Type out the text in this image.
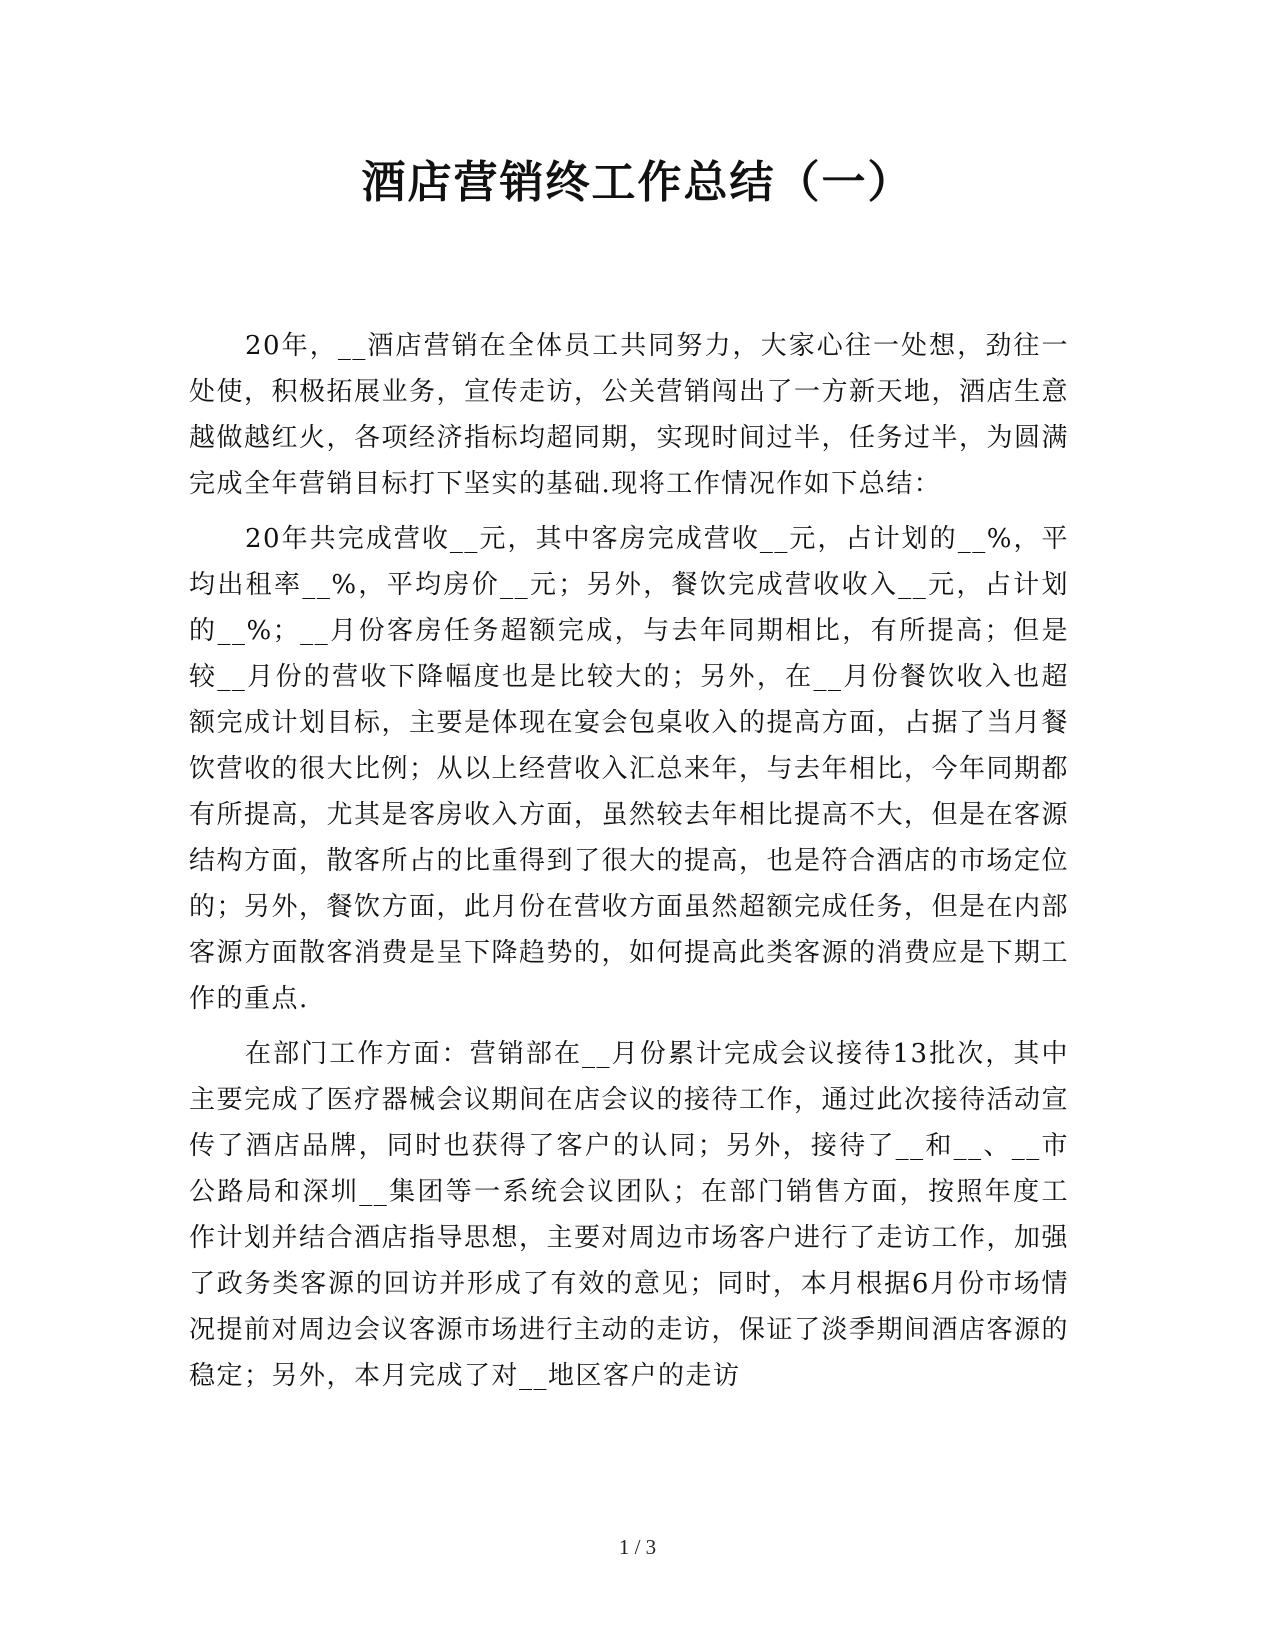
酒店营销终工作总结（一）

20年，__酒店营销在全体员工共同努力，大家心往一处想，劲往一处使，积极拓展业务，宣传走访，公关营销闯出了一方新天地，酒店生意越做越红火，各项经济指标均超同期，实现时间过半，任务过半，为圆满完成全年营销目标打下坚实的基础.现将工作情况作如下总结：

20年共完成营收__元，其中客房完成营收__元，占计划的__%，平均出租率__%，平均房价__元；另外，餐饮完成营收收入__元，占计划的__%；__月份客房任务超额完成，与去年同期相比，有所提高；但是较__月份的营收下降幅度也是比较大的；另外，在__月份餐饮收入也超额完成计划目标，主要是体现在宴会包桌收入的提高方面，占据了当月餐饮营收的很大比例；从以上经营收入汇总来年，与去年相比，今年同期都有所提高，尤其是客房收入方面，虽然较去年相比提高不大，但是在客源结构方面，散客所占的比重得到了很大的提高，也是符合酒店的市场定位的；另外，餐饮方面，此月份在营收方面虽然超额完成任务，但是在内部客源方面散客消费是呈下降趋势的，如何提高此类客源的消费应是下期工作的重点.

在部门工作方面：营销部在__月份累计完成会议接待13批次，其中主要完成了医疗器械会议期间在店会议的接待工作，通过此次接待活动宣传了酒店品牌，同时也获得了客户的认同；另外，接待了__和__、__市公路局和深圳__集团等一系统会议团队；在部门销售方面，按照年度工作计划并结合酒店指导思想，主要对周边市场客户进行了走访工作，加强了政务类客源的回访并形成了有效的意见；同时，本月根据6月份市场情况提前对周边会议客源市场进行主动的走访，保证了淡季期间酒店客源的稳定；另外，本月完成了对__地区客户的走访

1 / 3
